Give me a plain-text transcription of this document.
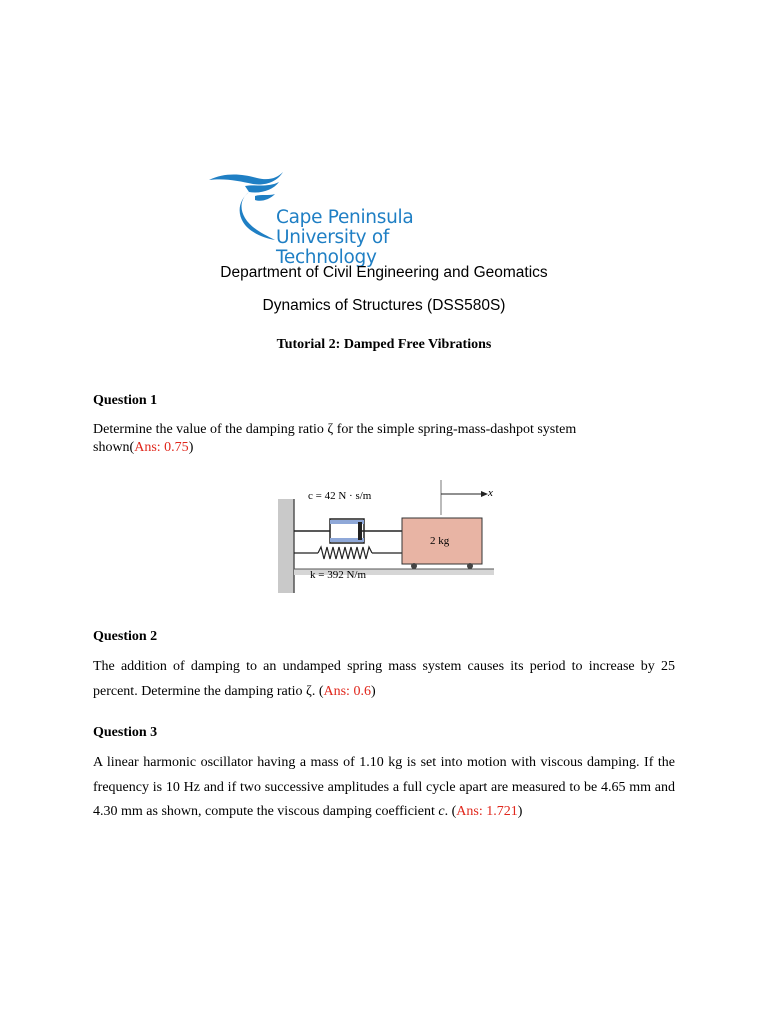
Cape Peninsula
University of Technology
Department of Civil Engineering and Geomatics
Dynamics of Structures (DSS580S)
Tutorial 2: Damped Free Vibrations
Question 1
Determine the value of the damping ratio ζ for the simple spring-mass-dashpot system
shown(Ans: 0.75)
c = 42 N · s/m
k = 392 N/m
2 kg
x
Question 2
The addition of damping to an undamped spring mass system causes its period to increase by 25 percent. Determine the damping ratio ζ. (Ans: 0.6)
Question 3
A linear harmonic oscillator having a mass of 1.10 kg is set into motion with viscous damping. If the frequency is 10 Hz and if two successive amplitudes a full cycle apart are measured to be 4.65 mm and 4.30 mm as shown, compute the viscous damping coefficient c. (Ans: 1.721)
